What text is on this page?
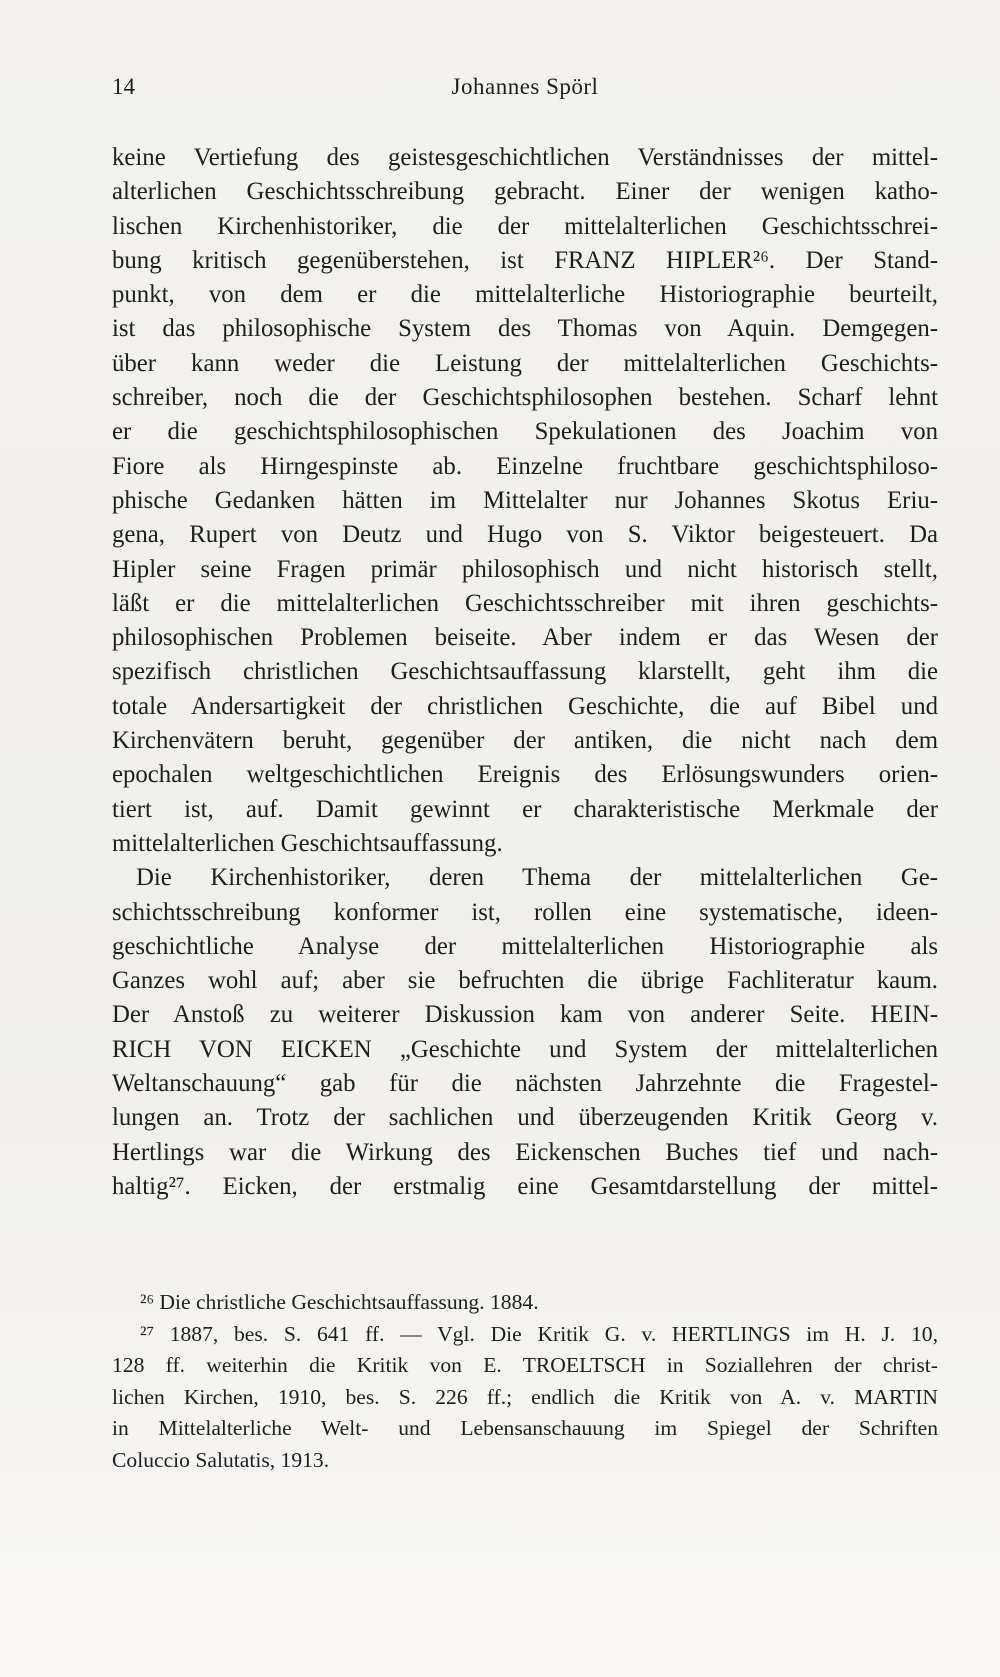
14	Johannes Spörl
keine Vertiefung des geistesgeschichtlichen Verständnisses der mittel-
alterlichen Geschichtsschreibung gebracht. Einer der wenigen katho-
lischen Kirchenhistoriker, die der mittelalterlichen Geschichtsschrei-
bung kritisch gegenüberstehen, ist FRANZ HIPLER²⁶. Der Stand-
punkt, von dem er die mittelalterliche Historiographie beurteilt,
ist das philosophische System des Thomas von Aquin. Demgegen-
über kann weder die Leistung der mittelalterlichen Geschichts-
schreiber, noch die der Geschichtsphilosophen bestehen. Scharf lehnt
er die geschichtsphilosophischen Spekulationen des Joachim von
Fiore als Hirngespinste ab. Einzelne fruchtbare geschichtsphiloso-
phische Gedanken hätten im Mittelalter nur Johannes Skotus Eriu-
gena, Rupert von Deutz und Hugo von S. Viktor beigesteuert. Da
Hipler seine Fragen primär philosophisch und nicht historisch stellt,
läßt er die mittelalterlichen Geschichtsschreiber mit ihren geschichts-
philosophischen Problemen beiseite. Aber indem er das Wesen der
spezifisch christlichen Geschichtsauffassung klarstellt, geht ihm die
totale Andersartigkeit der christlichen Geschichte, die auf Bibel und
Kirchenvätern beruht, gegenüber der antiken, die nicht nach dem
epochalen weltgeschichtlichen Ereignis des Erlösungswunders orien-
tiert ist, auf. Damit gewinnt er charakteristische Merkmale der
mittelalterlichen Geschichtsauffassung.
Die Kirchenhistoriker, deren Thema der mittelalterlichen Ge-
schichtsschreibung konformer ist, rollen eine systematische, ideen-
geschichtliche Analyse der mittelalterlichen Historiographie als
Ganzes wohl auf; aber sie befruchten die übrige Fachliteratur kaum.
Der Anstoß zu weiterer Diskussion kam von anderer Seite. HEIN-
RICH VON EICKEN „Geschichte und System der mittelalterlichen
Weltanschauung“ gab für die nächsten Jahrzehnte die Fragestel-
lungen an. Trotz der sachlichen und überzeugenden Kritik Georg v.
Hertlings war die Wirkung des Eickenschen Buches tief und nach-
haltig²⁷. Eicken, der erstmalig eine Gesamtdarstellung der mittel-
²⁶ Die christliche Geschichtsauffassung. 1884.
²⁷ 1887, bes. S. 641 ff. — Vgl. Die Kritik G. v. HERTLINGS im H. J. 10,
128 ff. weiterhin die Kritik von E. TROELTSCH in Soziallehren der christ-
lichen Kirchen, 1910, bes. S. 226 ff.; endlich die Kritik von A. v. MARTIN
in Mittelalterliche Welt- und Lebensanschauung im Spiegel der Schriften
Coluccio Salutatis, 1913.
